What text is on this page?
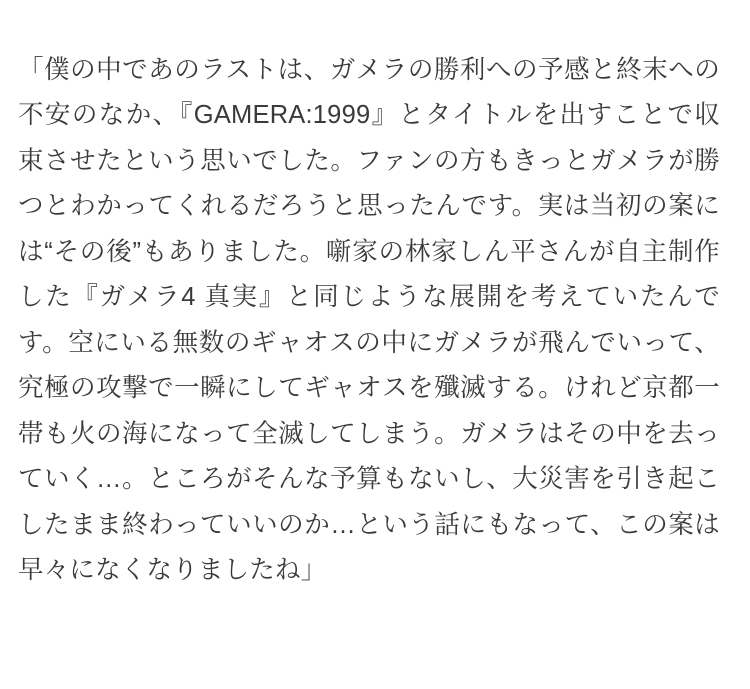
「僕の中であのラストは、ガメラの勝利への予感と終末への不安のなか、『GAMERA:1999』とタイトルを出すことで収束させたという思いでした。ファンの方もきっとガメラが勝つとわかってくれるだろうと思ったんです。実は当初の案には“その後”もありました。噺家の林家しん平さんが自主制作した『ガメラ4 真実』と同じような展開を考えていたんです。空にいる無数のギャオスの中にガメラが飛んでいって、究極の攻撃で一瞬にしてギャオスを殲滅する。けれど京都一帯も火の海になって全滅してしまう。ガメラはその中を去っていく…。ところがそんな予算もないし、大災害を引き起こしたまま終わっていいのか…という話にもなって、この案は早々になくなりましたね」
